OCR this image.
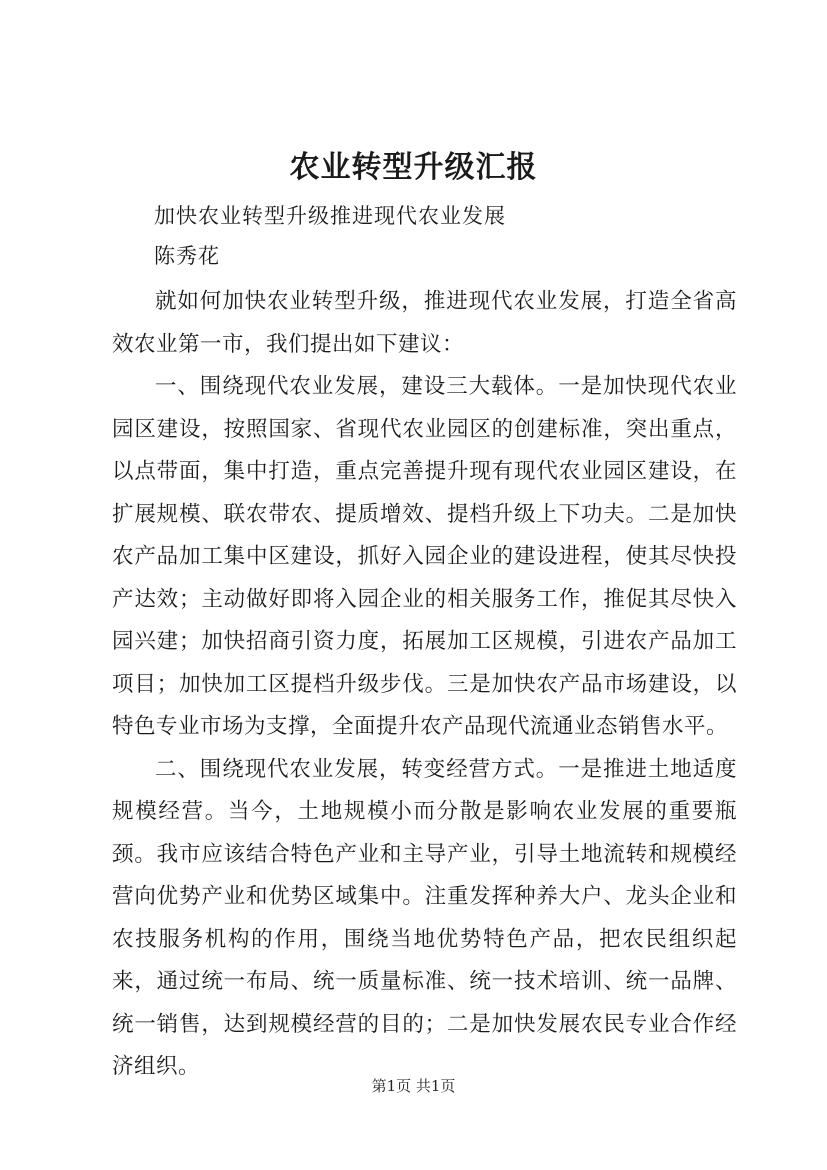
农业转型升级汇报

加快农业转型升级推进现代农业发展

陈秀花

就如何加快农业转型升级，推进现代农业发展，打造全省高效农业第一市，我们提出如下建议：

一、围绕现代农业发展，建设三大载体。一是加快现代农业园区建设，按照国家、省现代农业园区的创建标准，突出重点，以点带面，集中打造，重点完善提升现有现代农业园区建设，在扩展规模、联农带农、提质增效、提档升级上下功夫。二是加快农产品加工集中区建设，抓好入园企业的建设进程，使其尽快投产达效；主动做好即将入园企业的相关服务工作，推促其尽快入园兴建；加快招商引资力度，拓展加工区规模，引进农产品加工项目；加快加工区提档升级步伐。三是加快农产品市场建设，以特色专业市场为支撑，全面提升农产品现代流通业态销售水平。

二、围绕现代农业发展，转变经营方式。一是推进土地适度规模经营。当今，土地规模小而分散是影响农业发展的重要瓶颈。我市应该结合特色产业和主导产业，引导土地流转和规模经营向优势产业和优势区域集中。注重发挥种养大户、龙头企业和农技服务机构的作用，围绕当地优势特色产品，把农民组织起来，通过统一布局、统一质量标准、统一技术培训、统一品牌、统一销售，达到规模经营的目的；二是加快发展农民专业合作经济组织。

第1页 共1页
